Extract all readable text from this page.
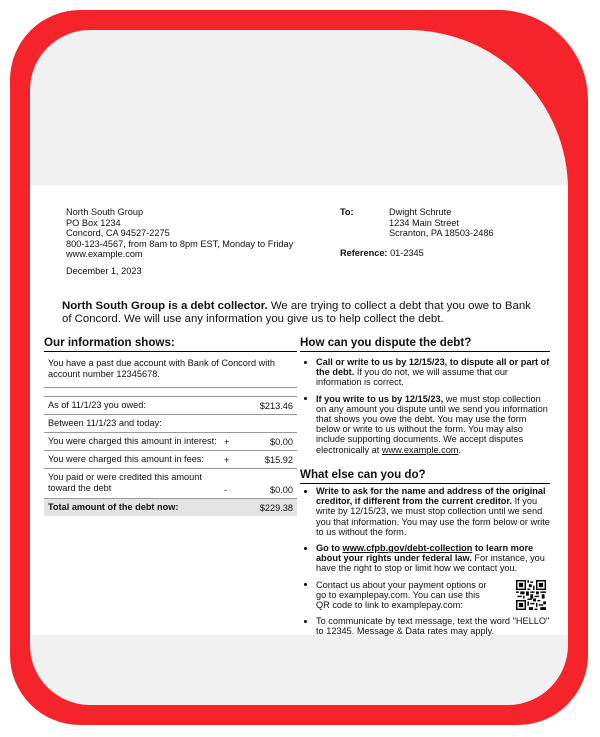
North South Group
PO Box 1234
Concord, CA 94527-2275
800-123-4567, from 8am to 8pm EST, Monday to Friday
www.example.com
December 1, 2023
To:	Dwight Schrute
1234 Main Street
Scranton, PA 18503-2486
Reference: 01-2345
North South Group is a debt collector. We are trying to collect a debt that you owe to Bank of Concord. We will use any information you give us to help collect the debt.
Our information shows:
You have a past due account with Bank of Concord with account number 12345678.
As of 11/1/23 you owed:	$213.46
Between 11/1/23 and today:
You were charged this amount in interest: +	$0.00
You were charged this amount in fees: +	$15.92
You paid or were credited this amount toward the debt	-	$0.00
Total amount of the debt now:	$229.38
How can you dispute the debt?
Call or write to us by 12/15/23, to dispute all or part of the debt. If you do not, we will assume that our information is correct.
If you write to us by 12/15/23, we must stop collection on any amount you dispute until we send you information that shows you owe the debt. You may use the form below or write to us without the form. You may also include supporting documents. We accept disputes electronically at www.example.com.
What else can you do?
Write to ask for the name and address of the original creditor, if different from the current creditor. If you write by 12/15/23, we must stop collection until we send you that information. You may use the form below or write to us without the form.
Go to www.cfpb.gov/debt-collection to learn more about your rights under federal law. For instance, you have the right to stop or limit how we contact you.
Contact us about your payment options or go to examplepay.com. You can use this QR code to link to examplepay.com:
To communicate by text message, text the word "HELLO" to 12345. Message & Data rates may apply.
